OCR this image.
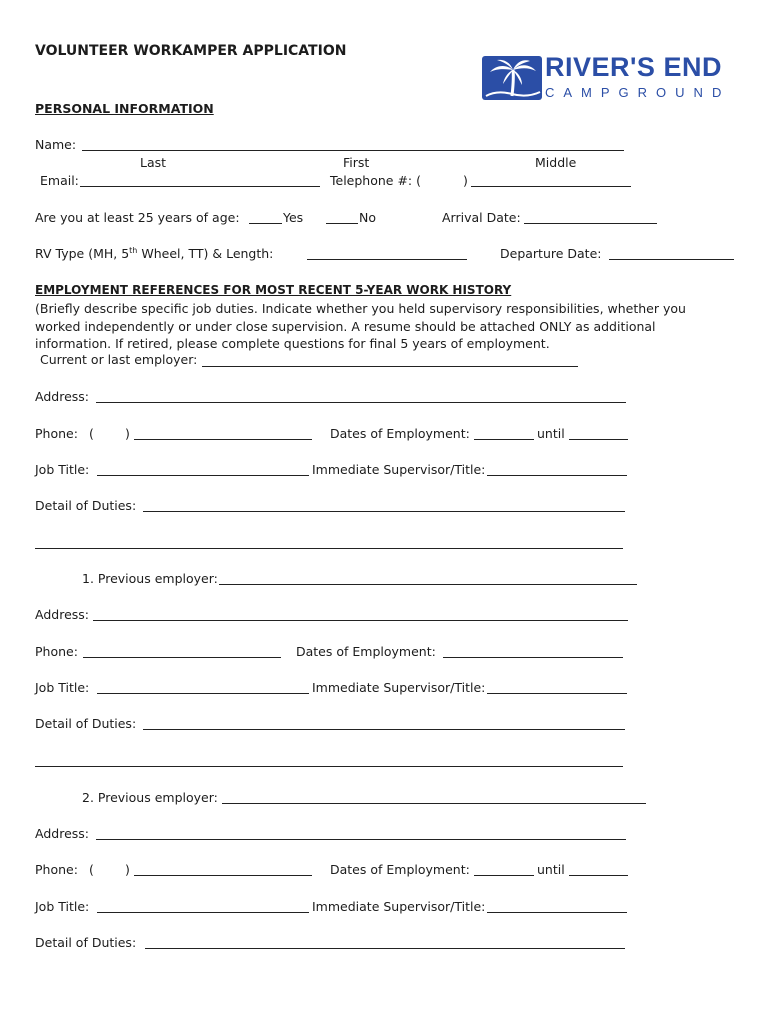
VOLUNTEER WORKAMPER APPLICATION
RIVER'S END
CAMPGROUND
PERSONAL INFORMATION
Name:
Last	First	Middle
Email:	Telephone #: (	)
Are you at least 25 years of age:	Yes	No	Arrival Date:
RV Type (MH, 5th Wheel, TT) & Length:	Departure Date:
EMPLOYMENT REFERENCES FOR MOST RECENT 5-YEAR WORK HISTORY
(Briefly describe specific job duties. Indicate whether you held supervisory responsibilities, whether you
worked independently or under close supervision. A resume should be attached ONLY as additional
information. If retired, please complete questions for final 5 years of employment.
Current or last employer:
Address:
Phone: ( )	Dates of Employment:	until
Job Title:	Immediate Supervisor/Title:
Detail of Duties:
1. Previous employer:
Address:
Phone:	Dates of Employment:
Job Title:	Immediate Supervisor/Title:
Detail of Duties:
2. Previous employer:
Address:
Phone: ( )	Dates of Employment:	until
Job Title:	Immediate Supervisor/Title:
Detail of Duties:
